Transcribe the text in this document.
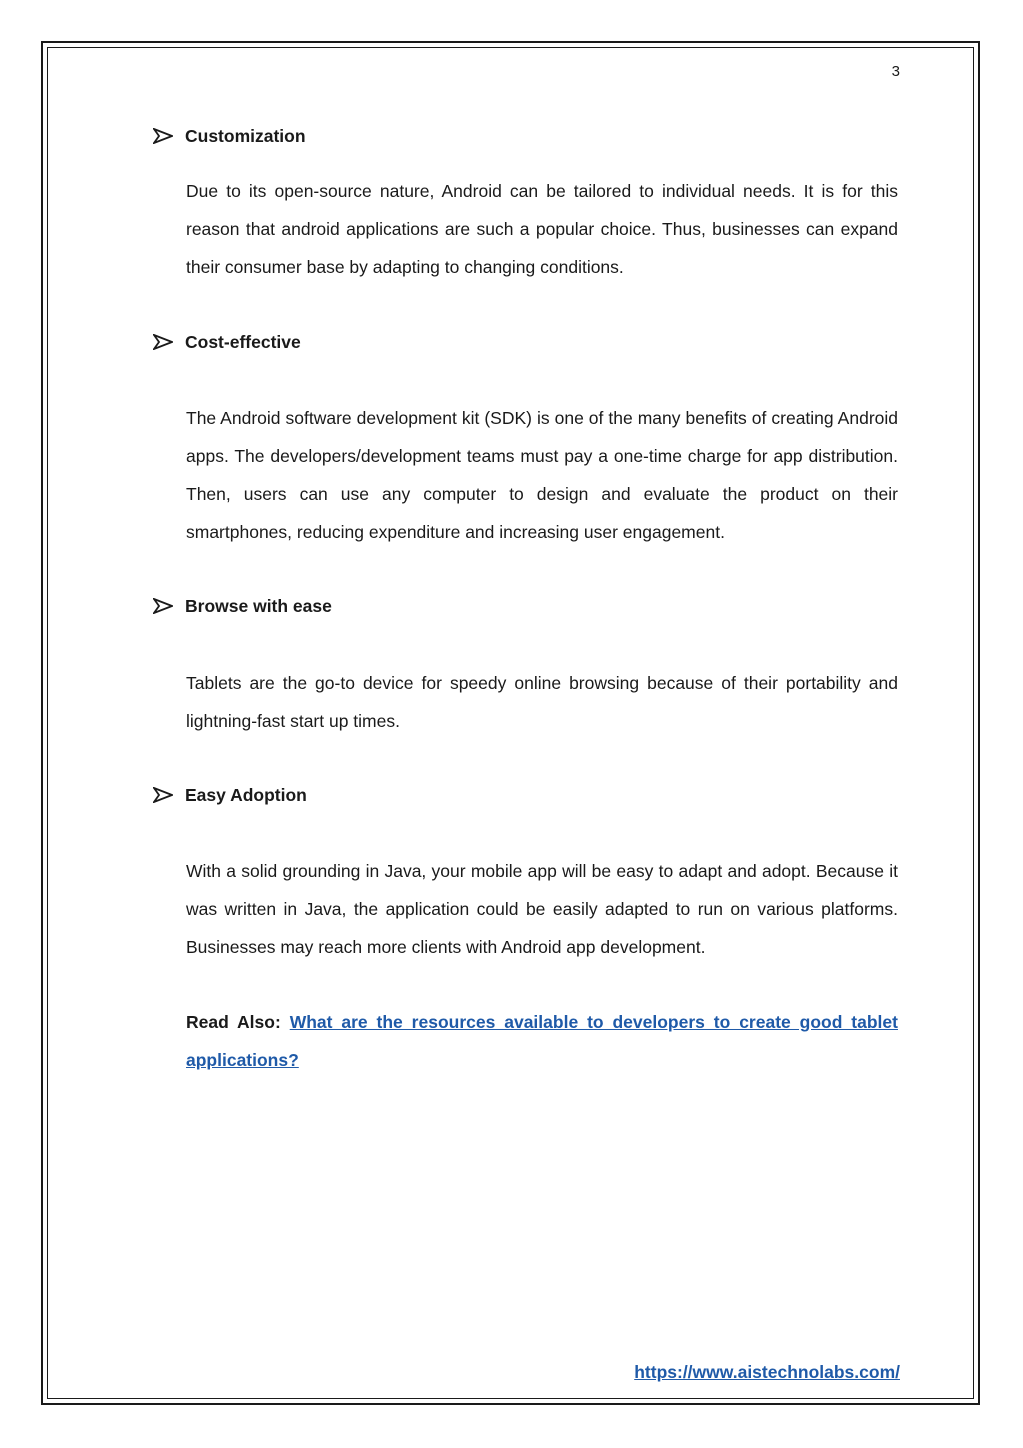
3
Customization

Due to its open-source nature, Android can be tailored to individual needs. It is for this reason that android applications are such a popular choice. Thus, businesses can expand their consumer base by adapting to changing conditions.

Cost-effective

The Android software development kit (SDK) is one of the many benefits of creating Android apps. The developers/development teams must pay a one-time charge for app distribution. Then, users can use any computer to design and evaluate the product on their smartphones, reducing expenditure and increasing user engagement.

Browse with ease

Tablets are the go-to device for speedy online browsing because of their portability and lightning-fast start up times.

Easy Adoption

With a solid grounding in Java, your mobile app will be easy to adapt and adopt. Because it was written in Java, the application could be easily adapted to run on various platforms. Businesses may reach more clients with Android app development.

Read Also: What are the resources available to developers to create good tablet applications?

https://www.aistechnolabs.com/
